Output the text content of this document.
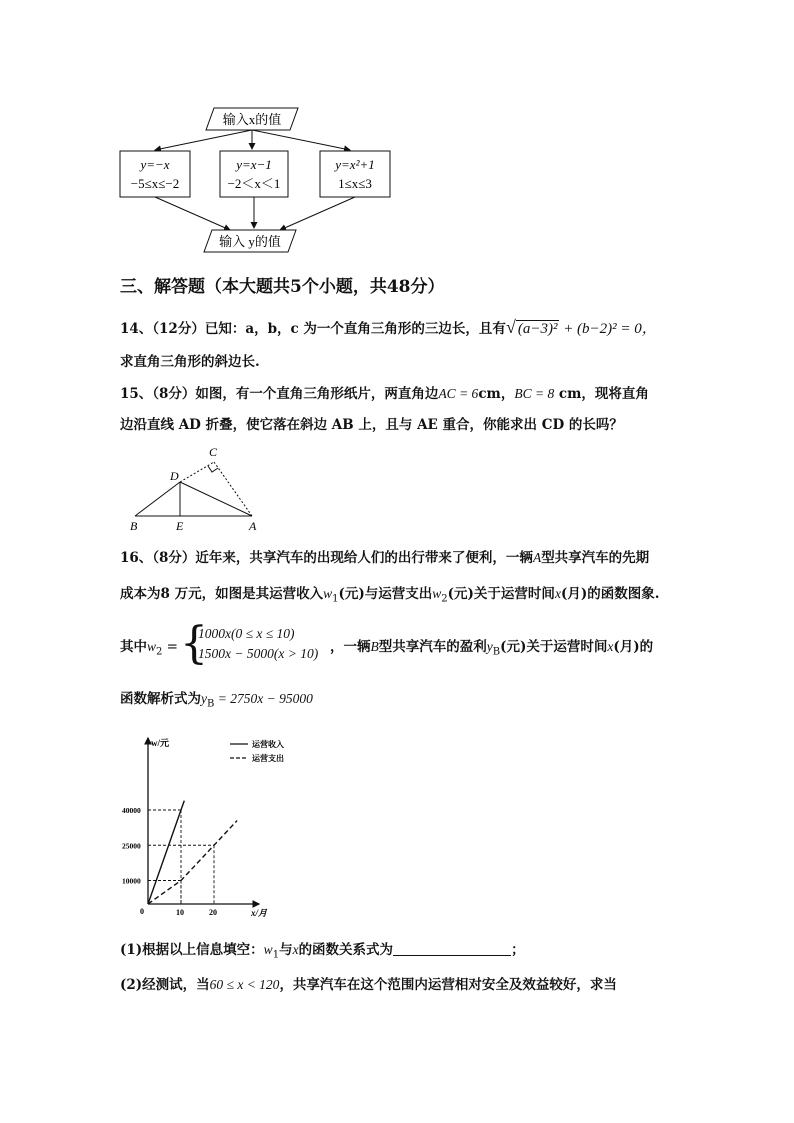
输入x的值
y=−x
−5≤x≤−2
y=x−1
−2＜x＜1
y=x²+1
1≤x≤3
输入 y的值
三、解答题（本大题共5个小题，共48分）
14、（12分）已知：a，b，c 为一个直角三角形的三边长，且有√ (a−3)² + (b−2)² = 0，
求直角三角形的斜边长.
15、（8分）如图，有一个直角三角形纸片，两直角边AC = 6cm，BC = 8 cm，现将直角
边沿直线 AD 折叠，使它落在斜边 AB 上，且与 AE 重合，你能求出 CD 的长吗？
C
D
B	E	A
16、（8分）近年来，共享汽车的出现给人们的出行带来了便利，一辆A型共享汽车的先期
成本为8 万元，如图是其运营收入$w_1$(元)与运营支出$w_2$(元)关于运营时间x(月)的函数图象.
其中$w_2$ = {
1000x(0 ≤ x ≤ 10)
1500x − 5000(x > 10) ，一辆B型共享汽车的盈利$y_B$(元)关于运营时间x(月)的
函数解析式为$y_B = 2750x - 95000$
w/元
x/月
0	10	20
10000
25000
40000
运营收入
运营支出
(1)根据以上信息填空：$w_1$与x的函数关系式为	；
(2)经测试，当60 ≤ x < 120，共享汽车在这个范围内运营相对安全及效益较好，求当
